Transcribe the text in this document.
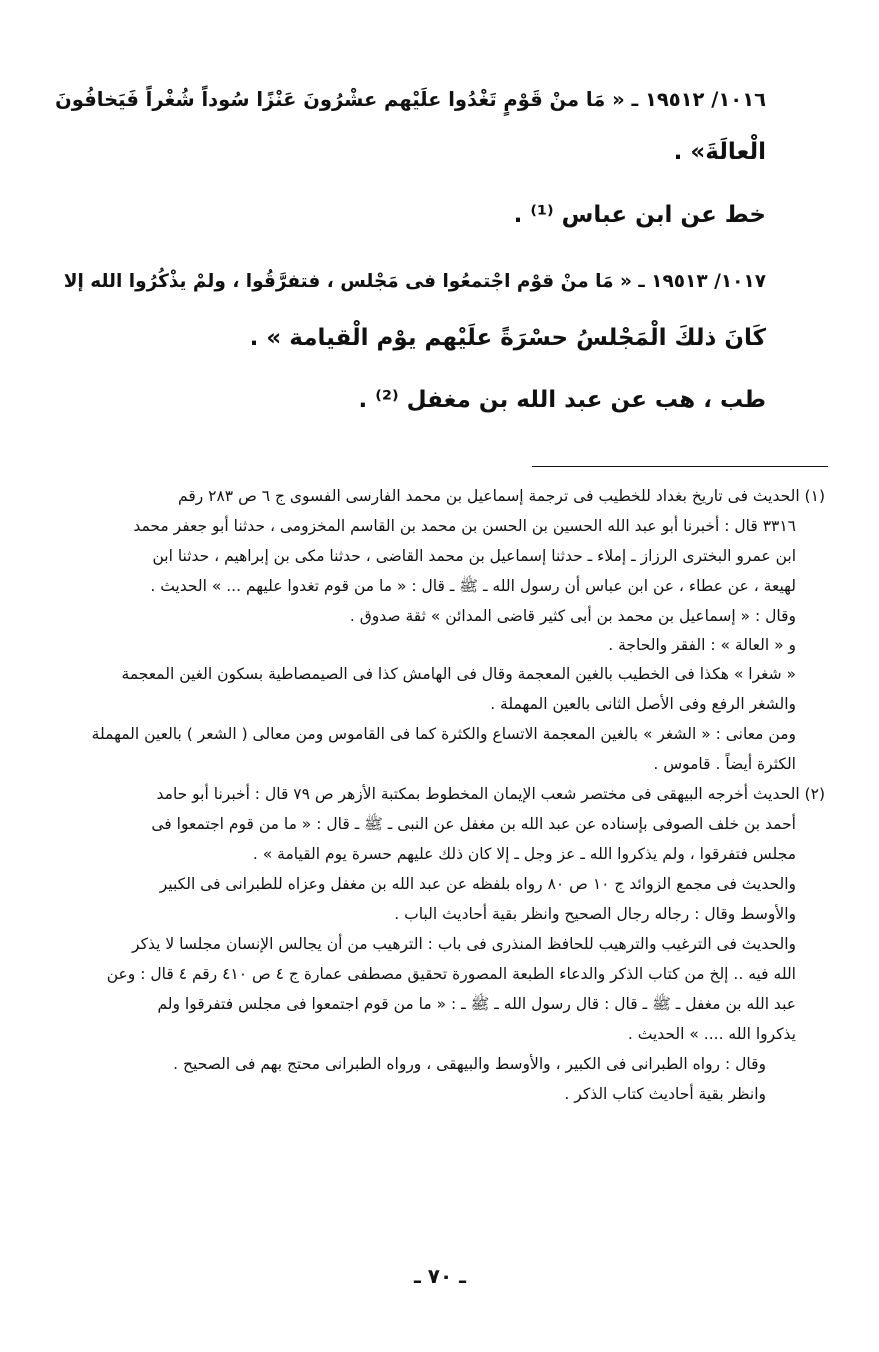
١٠١٦/ ١٩٥١٢ ـ « مَا منْ قَوْمٍ تَغْدُوا علَيْهم عشْرُونَ عَنْزًا سُوداً شُغْراً فَيَخافُونَ
الْعالَةَ» .
خط عن ابن عباس ⁽¹⁾ .
١٠١٧/ ١٩٥١٣ ـ « مَا منْ قوْم اجْتمعُوا فى مَجْلس ، فتفرَّقُوا ، ولمْ يذْكُرُوا الله إلا
كَانَ ذلكَ الْمَجْلسُ حسْرَةً علَيْهم يوْم الْقيامة » .
طب ، هب عن عبد الله بن مغفل ⁽²⁾ .
(١) الحديث فى تاريخ بغداد للخطيب فى ترجمة إسماعيل بن محمد الفارسى الفسوى ج ٦ ص ٢٨٣ رقم
٣٣١٦ قال : أخبرنا أبو عبد الله الحسين بن الحسن بن محمد بن القاسم المخزومى ، حدثنا أبو جعفر محمد
ابن عمرو البخترى الرزاز ـ إملاء ـ حدثنا إسماعيل بن محمد القاضى ، حدثنا مكى بن إبراهيم ، حدثنا ابن
لهيعة ، عن عطاء ، عن ابن عباس أن رسول الله ـ ﷺ ـ قال : « ما من قوم تغدوا عليهم ... » الحديث .
وقال : « إسماعيل بن محمد بن أبى كثير قاضى المدائن » ثقة صدوق .
و « العالة » : الفقر والحاجة .
« شغرا » هكذا فى الخطيب بالغين المعجمة وقال فى الهامش كذا فى الصيمصاطية بسكون الغين المعجمة
والشغر الرفع وفى الأصل الثانى بالعين المهملة .
ومن معانى : « الشغر » بالغين المعجمة الاتساع والكثرة كما فى القاموس ومن معالى ( الشعر ) بالعين المهملة
الكثرة أيضاً . قاموس .
(٢) الحديث أخرجه البيهقى فى مختصر شعب الإيمان المخطوط بمكتبة الأزهر ص ٧٩ قال : أخبرنا أبو حامد
أحمد بن خلف الصوفى بإسناده عن عبد الله بن مغفل عن النبى ـ ﷺ ـ قال : « ما من قوم اجتمعوا فى
مجلس فتفرقوا ، ولم يذكروا الله ـ عز وجل ـ إلا كان ذلك عليهم حسرة يوم القيامة » .
والحديث فى مجمع الزوائد ج ١٠ ص ٨٠ رواه بلفظه عن عبد الله بن مغفل وعزاه للطبرانى فى الكبير
والأوسط وقال : رجاله رجال الصحيح وانظر بقية أحاديث الباب .
والحديث فى الترغيب والترهيب للحافظ المنذرى فى باب : الترهيب من أن يجالس الإنسان مجلسا لا يذكر
الله فيه .. إلخ من كتاب الذكر والدعاء الطبعة المصورة تحقيق مصطفى عمارة ج ٤ ص ٤١٠ رقم ٤ قال : وعن
عبد الله بن مغفل ـ ﷺ ـ قال : قال رسول الله ـ ﷺ ـ : « ما من قوم اجتمعوا فى مجلس فتفرقوا ولم
يذكروا الله .... » الحديث .
وقال : رواه الطبرانى فى الكبير ، والأوسط والبيهقى ، ورواه الطبرانى محتج بهم فى الصحيح .
وانظر بقية أحاديث كتاب الذكر .
ـ ٧٠ ـ
